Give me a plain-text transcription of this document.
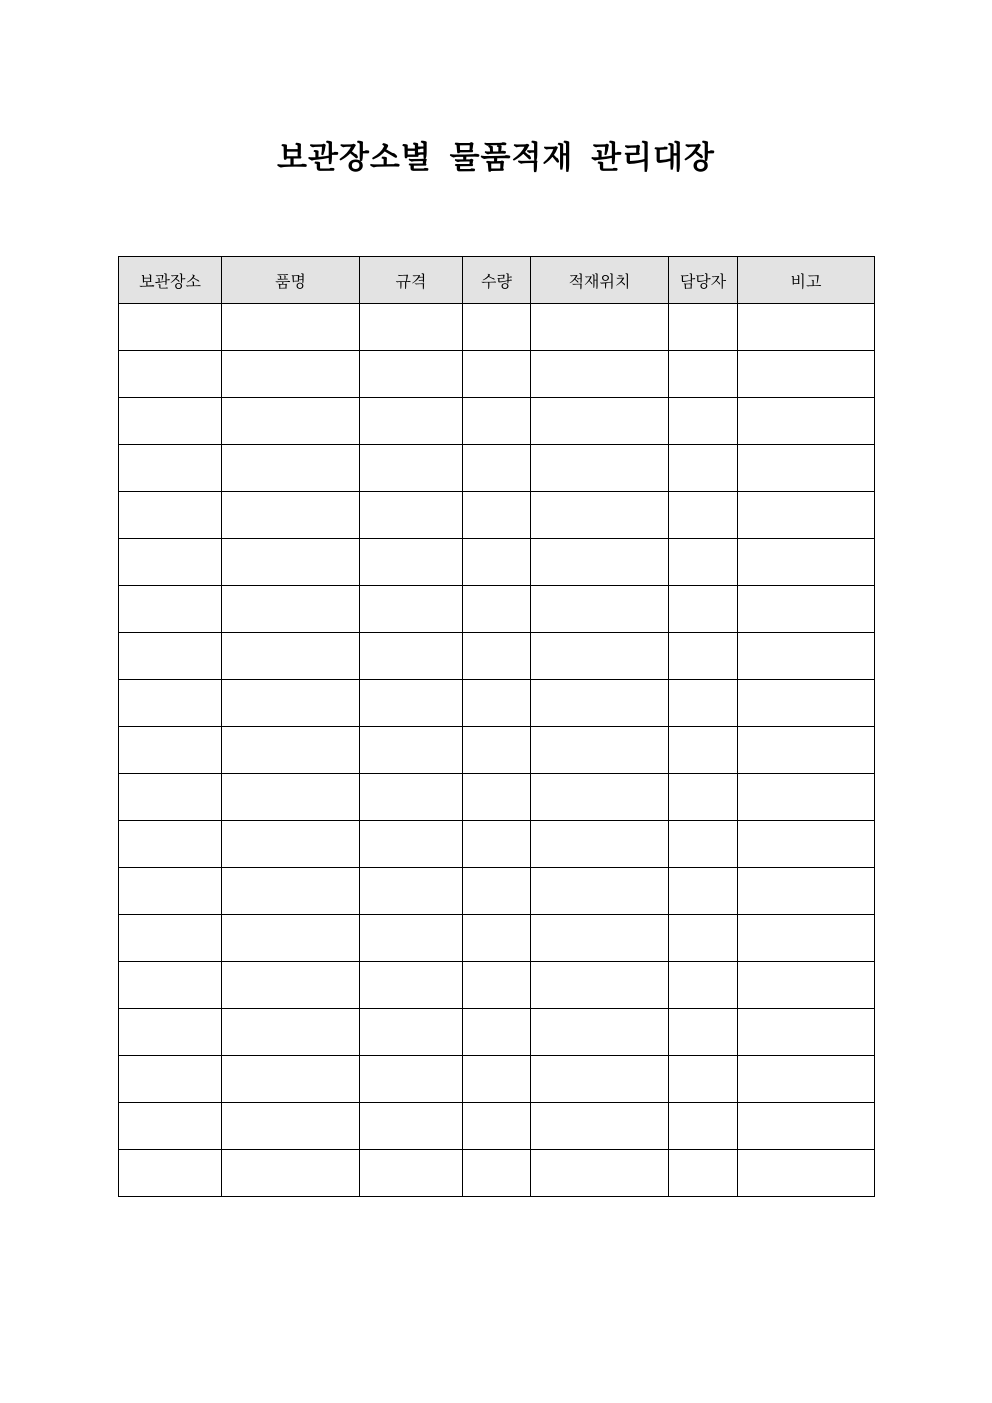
보관장소별 물품적재 관리대장
보관장소	품명	규격	수량	적재위치	담당자	비고
